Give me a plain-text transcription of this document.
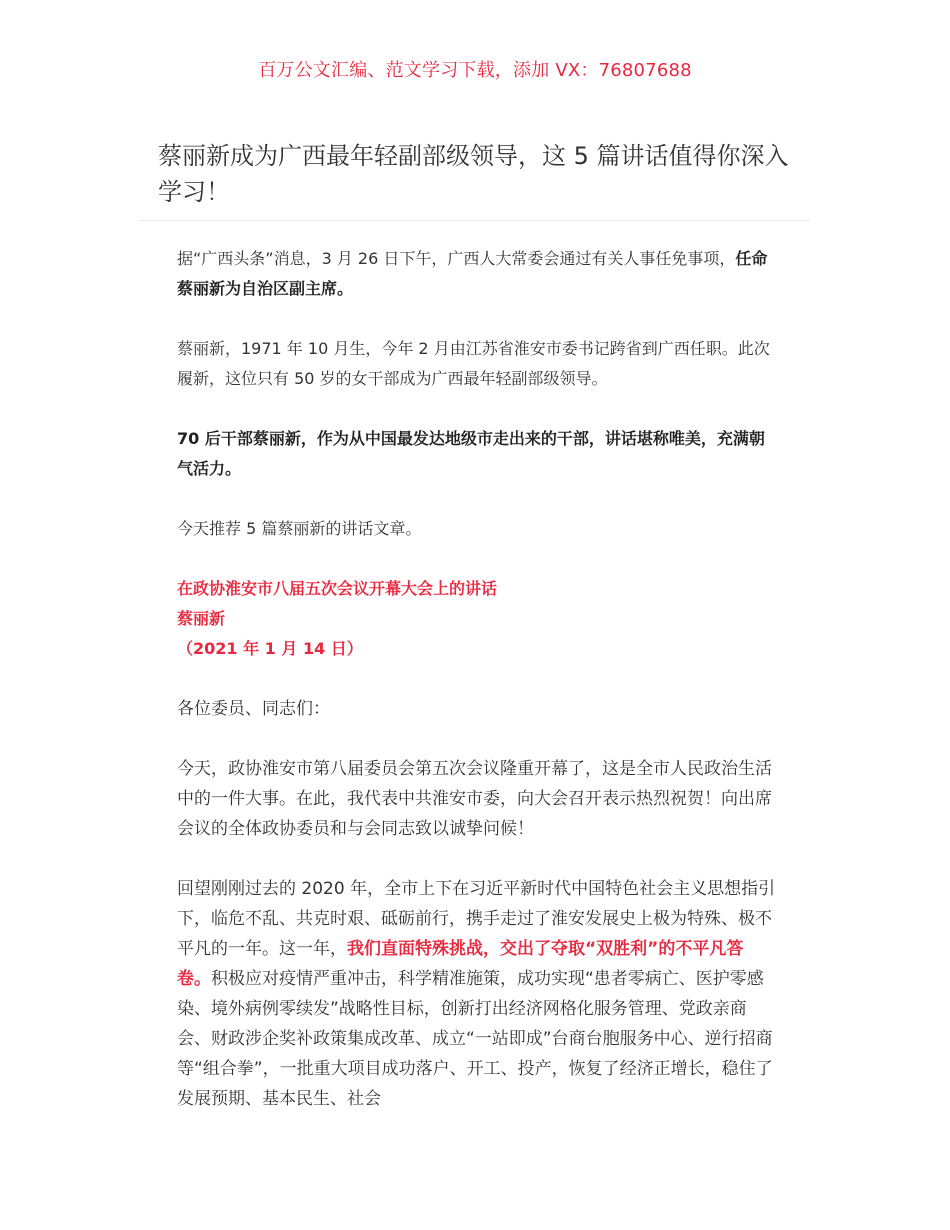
百万公文汇编、范文学习下载，添加 VX：76807688
蔡丽新成为广西最年轻副部级领导，这 5 篇讲话值得你深入学习！

据“广西头条”消息，3 月 26 日下午，广西人大常委会通过有关人事任免事项，任命蔡丽新为自治区副主席。

蔡丽新，1971 年 10 月生，今年 2 月由江苏省淮安市委书记跨省到广西任职。此次履新，这位只有 50 岁的女干部成为广西最年轻副部级领导。

70 后干部蔡丽新，作为从中国最发达地级市走出来的干部，讲话堪称唯美，充满朝气活力。

今天推荐 5 篇蔡丽新的讲话文章。

在政协淮安市八届五次会议开幕大会上的讲话
蔡丽新
（2021 年 1 月 14 日）

各位委员、同志们：

今天，政协淮安市第八届委员会第五次会议隆重开幕了，这是全市人民政治生活中的一件大事。在此，我代表中共淮安市委，向大会召开表示热烈祝贺！向出席会议的全体政协委员和与会同志致以诚挚问候！

回望刚刚过去的 2020 年，全市上下在习近平新时代中国特色社会主义思想指引下，临危不乱、共克时艰、砥砺前行，携手走过了淮安发展史上极为特殊、极不平凡的一年。这一年，我们直面特殊挑战，交出了夺取“双胜利”的不平凡答卷。积极应对疫情严重冲击，科学精准施策，成功实现“患者零病亡、医护零感染、境外病例零续发”战略性目标，创新打出经济网格化服务管理、党政亲商会、财政涉企奖补政策集成改革、成立“一站即成”台商台胞服务中心、逆行招商等“组合拳”，一批重大项目成功落户、开工、投产，恢复了经济正增长，稳住了发展预期、基本民生、社会
